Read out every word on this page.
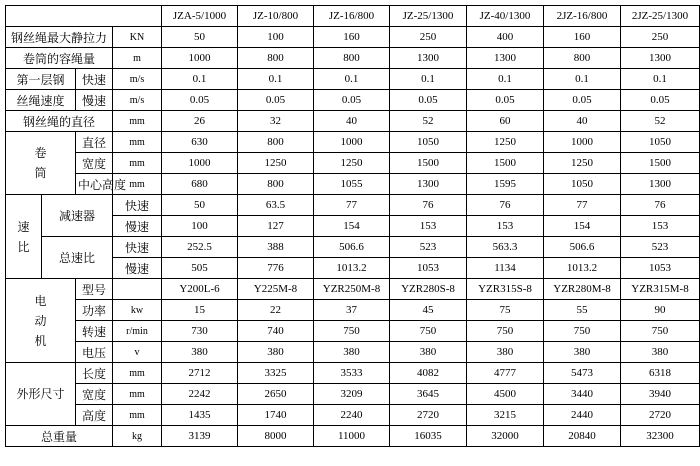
				JZA-5/1000	JZ-10/800	JZ-16/800	JZ-25/1300	JZ-40/1300	2JZ-16/800	2JZ-25/1300
钢丝绳最大静拉力			KN	50	100	160	250	400	160	250
卷筒的容绳量			m	1000	800	800	1300	1300	800	1300
第一层钢		快速	m/s	0.1	0.1	0.1	0.1	0.1	0.1	0.1
丝绳速度		慢速	m/s	0.05	0.05	0.05	0.05	0.05	0.05	0.05
钢丝绳的直径			mm	26	32	40	52	60	40	52
卷
筒		直径	mm	630	800	1000	1050	1250	1000	1050
		宽度	mm	1000	1250	1250	1500	1500	1250	1500
		中心高度	mm	680	800	1055	1300	1595	1050	1300
速
比	减速器		快速	50	63.5	77	76	76	77	76
			慢速	100	127	154	153	153	154	153
	总速比		快速	252.5	388	506.6	523	563.3	506.6	523
			慢速	505	776	1013.2	1053	1134	1013.2	1053
电
动
机		型号		Y200L-6	Y225M-8	YZR250M-8	YZR280S-8	YZR315S-8	YZR280M-8	YZR315M-8
		功率	kw	15	22	37	45	75	55	90
		转速	r/min	730	740	750	750	750	750	750
		电压	v	380	380	380	380	380	380	380
外形尺寸		长度	mm	2712	3325	3533	4082	4777	5473	6318
		宽度	mm	2242	2650	3209	3645	4500	3440	3940
		高度	mm	1435	1740	2240	2720	3215	2440	2720
总重量			kg	3139	8000	11000	16035	32000	20840	32300
